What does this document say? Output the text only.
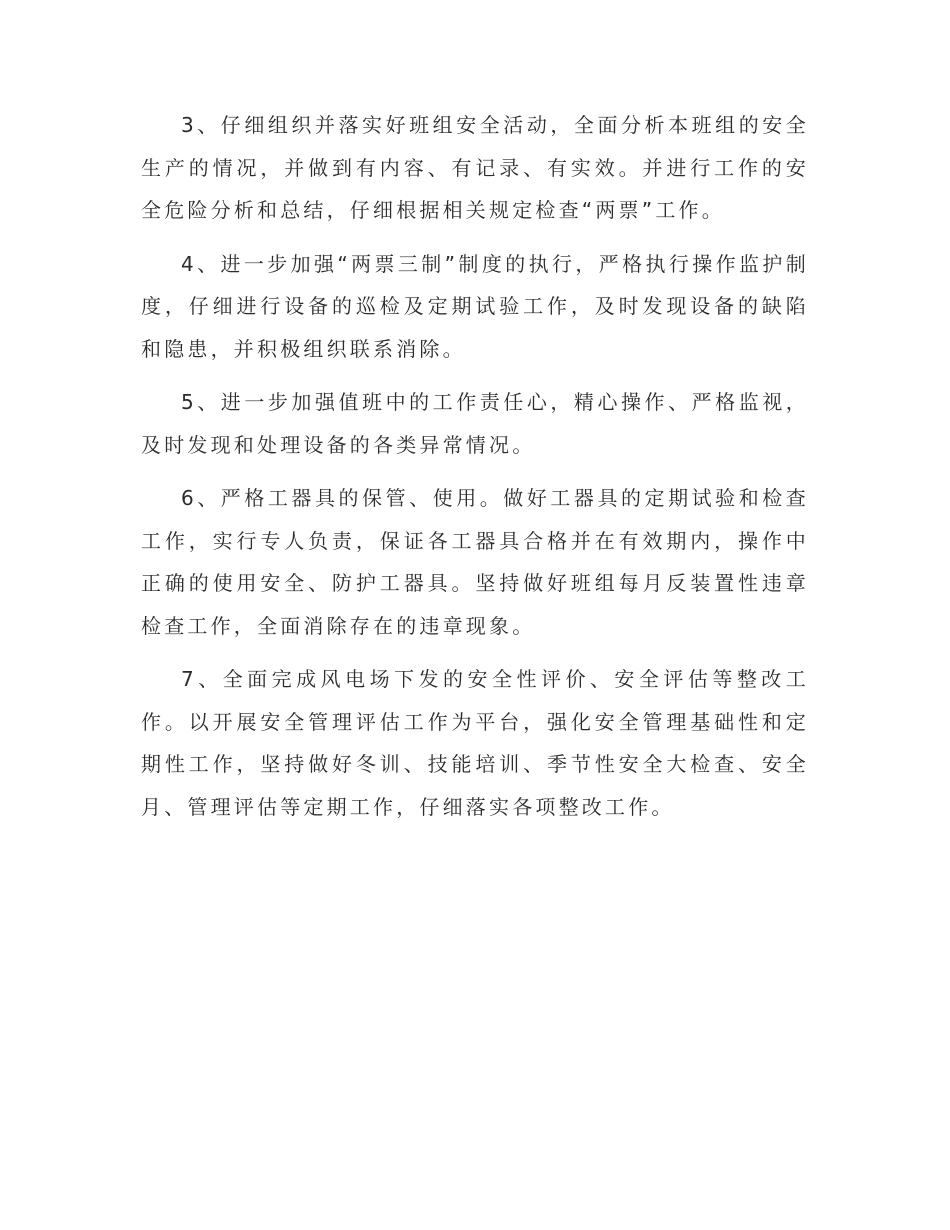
3、仔细组织并落实好班组安全活动，全面分析本班组的安全生产的情况，并做到有内容、有记录、有实效。并进行工作的安全危险分析和总结，仔细根据相关规定检查“两票”工作。

4、进一步加强“两票三制”制度的执行，严格执行操作监护制度，仔细进行设备的巡检及定期试验工作，及时发现设备的缺陷和隐患，并积极组织联系消除。

5、进一步加强值班中的工作责任心，精心操作、严格监视，及时发现和处理设备的各类异常情况。

6、严格工器具的保管、使用。做好工器具的定期试验和检查工作，实行专人负责，保证各工器具合格并在有效期内，操作中正确的使用安全、防护工器具。坚持做好班组每月反装置性违章检查工作，全面消除存在的违章现象。

7、全面完成风电场下发的安全性评价、安全评估等整改工作。以开展安全管理评估工作为平台，强化安全管理基础性和定期性工作，坚持做好冬训、技能培训、季节性安全大检查、安全月、管理评估等定期工作，仔细落实各项整改工作。
